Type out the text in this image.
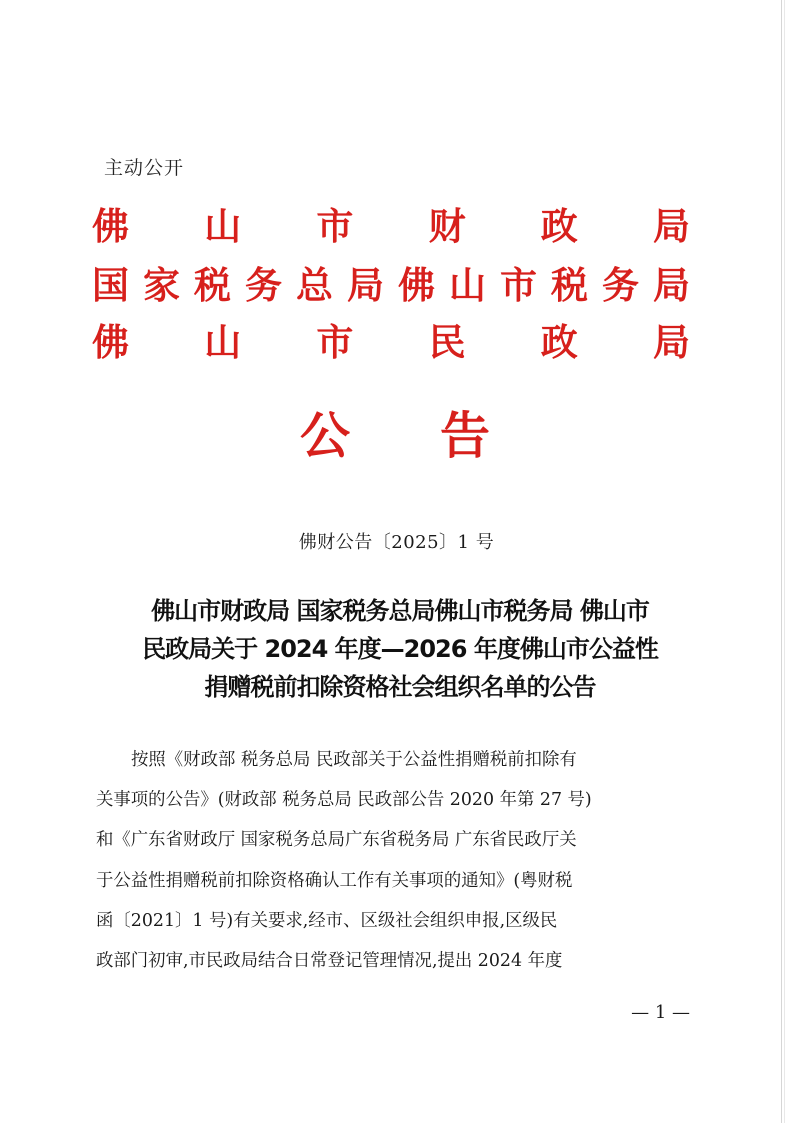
主动公开
佛 山 市 财 政 局
国 家 税 务 总 局 佛 山 市 税 务 局
佛 山 市 民 政 局
公 告
佛财公告〔2025〕1 号
佛山市财政局 国家税务总局佛山市税务局 佛山市
民政局关于 2024 年度—2026 年度佛山市公益性
捐赠税前扣除资格社会组织名单的公告
按照《财政部 税务总局 民政部关于公益性捐赠税前扣除有
关事项的公告》(财政部 税务总局 民政部公告 2020 年第 27 号)
和《广东省财政厅 国家税务总局广东省税务局 广东省民政厅关
于公益性捐赠税前扣除资格确认工作有关事项的通知》(粤财税
函〔2021〕1 号)有关要求,经市、区级社会组织申报,区级民
政部门初审,市民政局结合日常登记管理情况,提出 2024 年度
— 1 —
